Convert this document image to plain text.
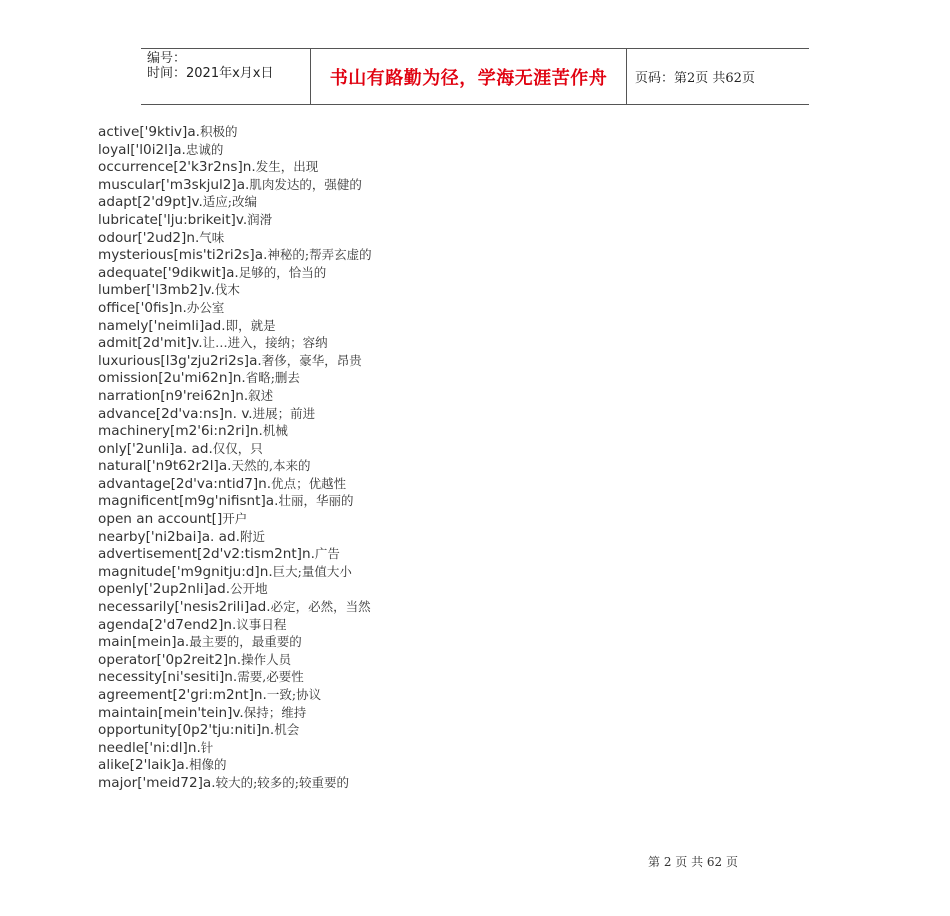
编号：
时间：2021年x月x日	书山有路勤为径，学海无涯苦作舟 页码：第2页 共62页
active['9ktiv]a.积极的
loyal['l0i2l]a.忠诚的
occurrence[2'k3r2ns]n.发生，出现
muscular['m3skjul2]a.肌肉发达的，强健的
adapt[2'd9pt]v.适应;改编
lubricate['lju:brikeit]v.润滑
odour['2ud2]n.气味
mysterious[mis'ti2ri2s]a.神秘的;帮弄玄虚的
adequate['9dikwit]a.足够的，恰当的
lumber['l3mb2]v.伐木
office['0fis]n.办公室
namely['neimli]ad.即，就是
admit[2d'mit]v.让…进入，接纳；容纳
luxurious[l3g'zju2ri2s]a.奢侈，豪华，昂贵
omission[2u'mi62n]n.省略;删去
narration[n9'rei62n]n.叙述
advance[2d'va:ns]n. v.进展；前进
machinery[m2'6i:n2ri]n.机械
only['2unli]a. ad.仅仅，只
natural['n9t62r2l]a.天然的,本来的
advantage[2d'va:ntid7]n.优点；优越性
magnificent[m9g'nifisnt]a.壮丽，华丽的
open an account[]开户
nearby['ni2bai]a. ad.附近
advertisement[2d'v2:tism2nt]n.广告
magnitude['m9gnitju:d]n.巨大;量值大小
openly['2up2nli]ad.公开地
necessarily['nesis2rili]ad.必定，必然，当然
agenda[2'd7end2]n.议事日程
main[mein]a.最主要的，最重要的
operator['0p2reit2]n.操作人员
necessity[ni'sesiti]n.需要,必要性
agreement[2'gri:m2nt]n.一致;协议
maintain[mein'tein]v.保持；维持
opportunity[0p2'tju:niti]n.机会
needle['ni:dl]n.针
alike[2'laik]a.相像的
major['meid72]a.较大的;较多的;较重要的
第 2 页 共 62 页
